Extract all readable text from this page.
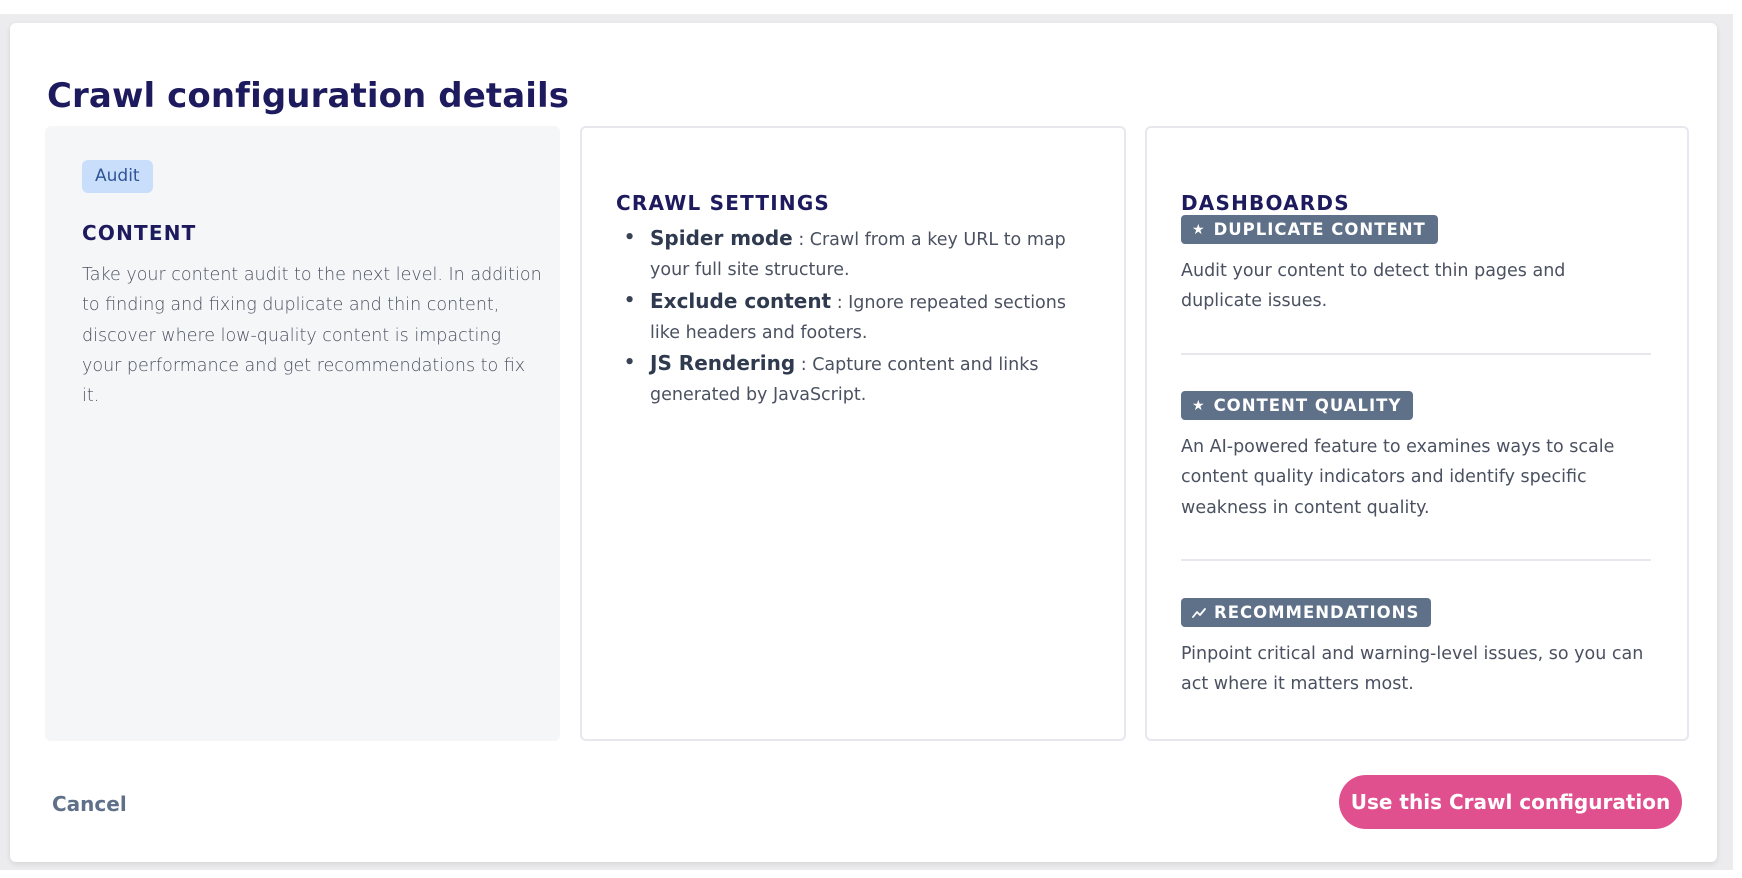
Crawl configuration details
Audit
CONTENT

Take your content audit to the next level. In addition to finding and fixing duplicate and thin content, discover where low-quality content is impacting your performance and get recommendations to fix it.

CRAWL SETTINGS
• Spider mode : Crawl from a key URL to map your full site structure.
• Exclude content : Ignore repeated sections like headers and footers.
• JS Rendering : Capture content and links generated by JavaScript.
DASHBOARDS
★ DUPLICATE CONTENT

Audit your content to detect thin pages and duplicate issues.

★ CONTENT QUALITY

An AI-powered feature to examines ways to scale content quality indicators and identify specific weakness in content quality.

RECOMMENDATIONS

Pinpoint critical and warning-level issues, so you can act where it matters most.

Cancel	Use this Crawl configuration
